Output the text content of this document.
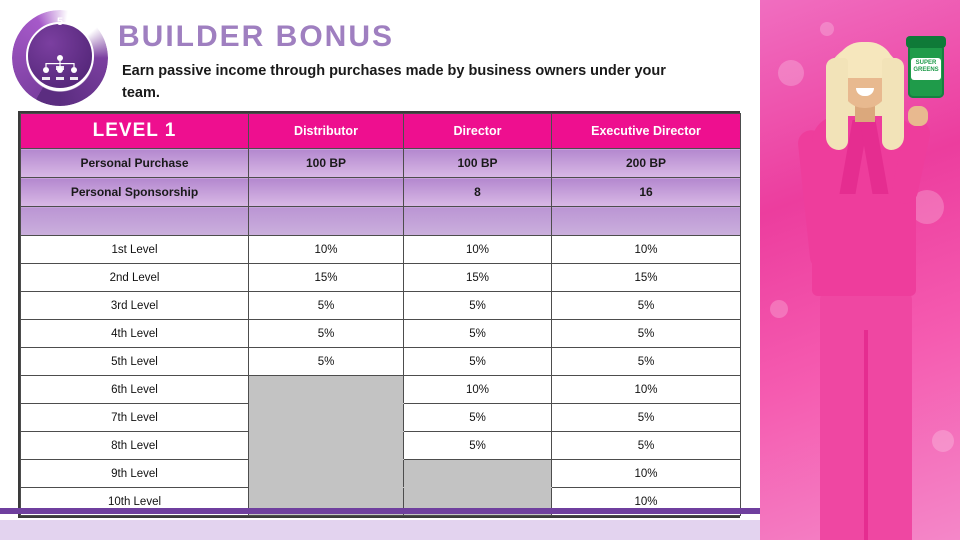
5	BUILDER BONUS
Earn passive income through purchases made by business owners under your team.
LEVEL 1	Distributor	Director	Executive Director
Personal Purchase	100 BP	100 BP	200 BP
Personal Sponsorship		8	16

1st Level	10%	10%	10%
2nd Level	15%	15%	15%
3rd Level	5%	5%	5%
4th Level	5%	5%	5%
5th Level	5%	5%	5%
6th Level		10%	10%
7th Level		5%	5%
8th Level		5%	5%
9th Level			10%
10th Level			10%
SUPER GREENS
